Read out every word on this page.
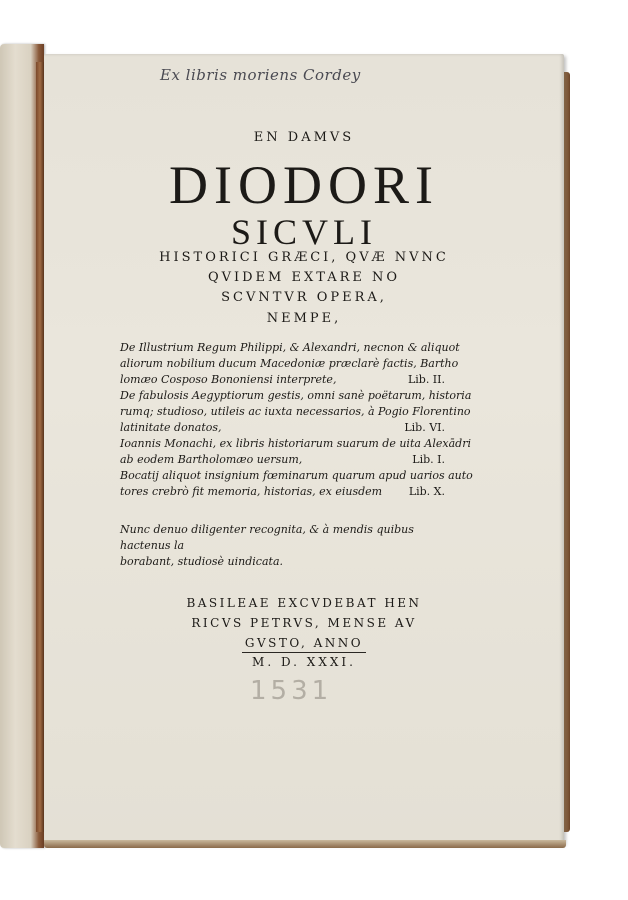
Ex libris moriens Cordey
EN DAMVS
DIODORI
SICVLI
HISTORICI GRÆCI, QVÆ NVNC
QVIDEM EXTARE NO
SCVNTVR OPERA,
NEMPE,
De Illustrium Regum Philippi, & Alexandri, necnon & aliquot
aliorum nobilium ducum Macedoniæ præclarè factis, Bartho
lomæo Cosposo Bononiensi interprete,	Lib. II.
De fabulosis Aegyptiorum gestis, omni sanè poëtarum, historia
rumq; studioso, utileis ac iuxta necessarios, à Pogio Florentino
latinitate donatos,	Lib. VI.
Ioannis Monachi, ex libris historiarum suarum de uita Alexādri
ab eodem Bartholomæo uersum,	Lib. I.
Bocatij aliquot insignium fœminarum quarum apud uarios auto
tores crebrò fit memoria, historias, ex eiusdem	Lib. X.
Nunc denuo diligenter recognita, & à mendis quibus hactenus la
borabant, studiosè uindicata.
BASILEAE EXCVDEBAT HEN
RICVS PETRVS, MENSE AV
GVSTO, ANNO
M. D. XXXI.
1531
